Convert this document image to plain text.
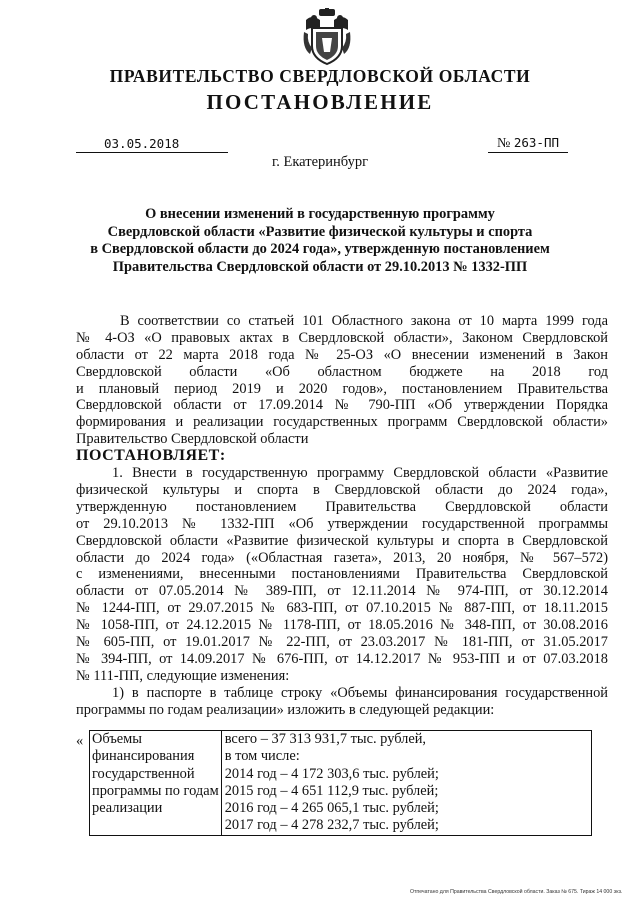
ПРАВИТЕЛЬСТВО СВЕРДЛОВСКОЙ ОБЛАСТИ
ПОСТАНОВЛЕНИЕ
03.05.2018	№ 263-ПП
г. Екатеринбург
О внесении изменений в государственную программу
Свердловской области «Развитие физической культуры и спорта
в Свердловской области до 2024 года», утвержденную постановлением
Правительства Свердловской области от 29.10.2013 № 1332-ПП
В соответствии со статьей 101 Областного закона от 10 марта 1999 года
№ 4-ОЗ «О правовых актах в Свердловской области», Законом Свердловской
области от 22 марта 2018 года № 25-ОЗ «О внесении изменений в Закон
Свердловской области «Об областном бюджете на 2018 год
и плановый период 2019 и 2020 годов», постановлением Правительства
Свердловской области от 17.09.2014 № 790-ПП «Об утверждении Порядка
формирования и реализации государственных программ Свердловской области»
Правительство Свердловской области
ПОСТАНОВЛЯЕТ:
1. Внести в государственную программу Свердловской области «Развитие
физической культуры и спорта в Свердловской области до 2024 года»,
утвержденную постановлением Правительства Свердловской области
от 29.10.2013 № 1332-ПП «Об утверждении государственной программы
Свердловской области «Развитие физической культуры и спорта в Свердловской
области до 2024 года» («Областная газета», 2013, 20 ноября, № 567–572)
с изменениями, внесенными постановлениями Правительства Свердловской
области от 07.05.2014 № 389-ПП, от 12.11.2014 № 974-ПП, от 30.12.2014
№ 1244-ПП, от 29.07.2015 № 683-ПП, от 07.10.2015 № 887-ПП, от 18.11.2015
№ 1058-ПП, от 24.12.2015 № 1178-ПП, от 18.05.2016 № 348-ПП, от 30.08.2016
№ 605-ПП, от 19.01.2017 № 22-ПП, от 23.03.2017 № 181-ПП, от 31.05.2017
№ 394-ПП, от 14.09.2017 № 676-ПП, от 14.12.2017 № 953-ПП и от 07.03.2018
№ 111-ПП, следующие изменения:
1) в паспорте в таблице строку «Объемы финансирования государственной
программы по годам реализации» изложить в следующей редакции:
« Объемы
финансирования
государственной
программы по годам
реализации

всего – 37 313 931,7 тыс. рублей,
в том числе:
2014 год – 4 172 303,6 тыс. рублей;
2015 год – 4 651 112,9 тыс. рублей;
2016 год – 4 265 065,1 тыс. рублей;
2017 год – 4 278 232,7 тыс. рублей;
Отпечатано для Правительства Свердловской области. Заказ № 675. Тираж 14 000 экз.
